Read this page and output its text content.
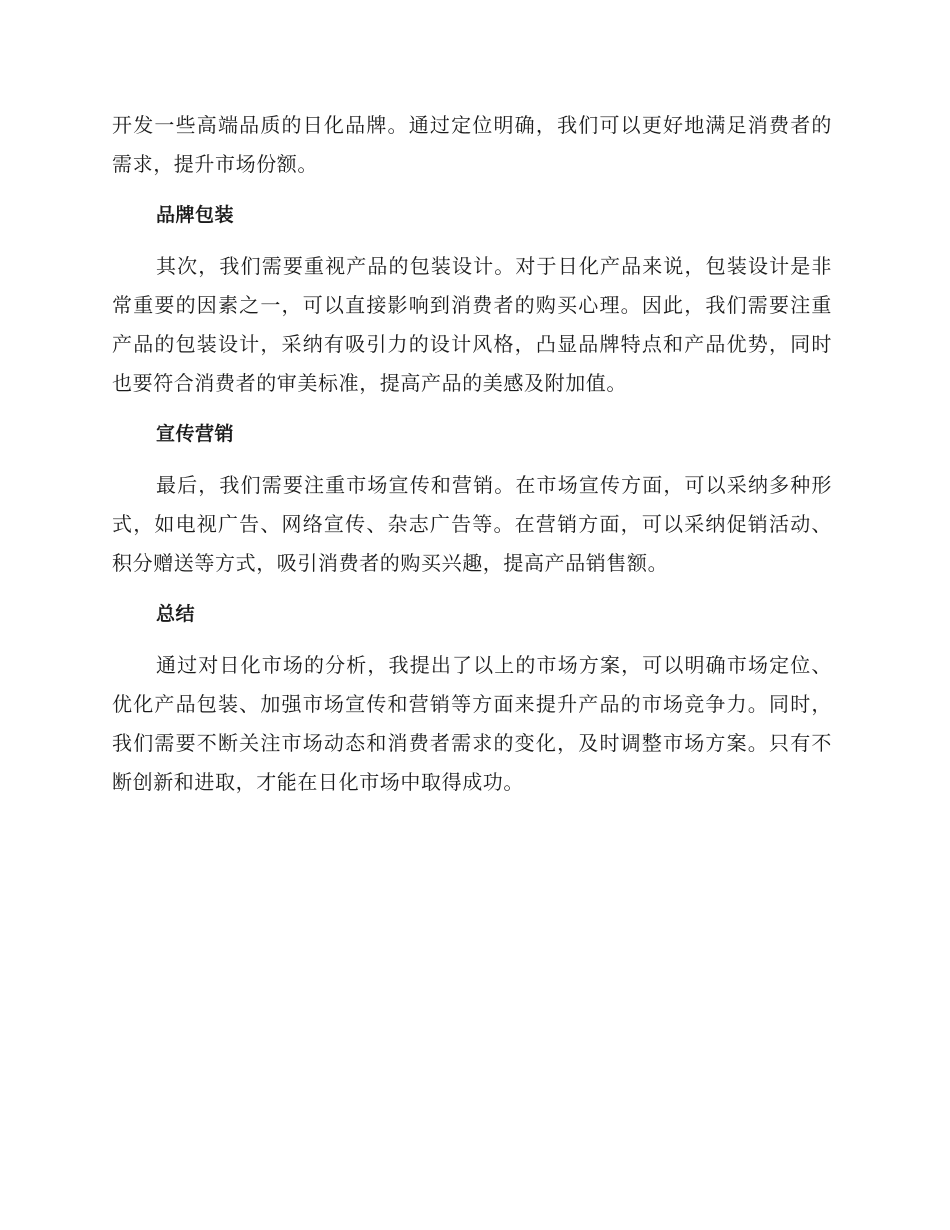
开发一些高端品质的日化品牌。通过定位明确，我们可以更好地满足消费者的需求，提升市场份额。

品牌包装

其次，我们需要重视产品的包装设计。对于日化产品来说，包装设计是非常重要的因素之一，可以直接影响到消费者的购买心理。因此，我们需要注重产品的包装设计，采纳有吸引力的设计风格，凸显品牌特点和产品优势，同时也要符合消费者的审美标准，提高产品的美感及附加值。

宣传营销

最后，我们需要注重市场宣传和营销。在市场宣传方面，可以采纳多种形式，如电视广告、网络宣传、杂志广告等。在营销方面，可以采纳促销活动、积分赠送等方式，吸引消费者的购买兴趣，提高产品销售额。

总结

通过对日化市场的分析，我提出了以上的市场方案，可以明确市场定位、优化产品包装、加强市场宣传和营销等方面来提升产品的市场竞争力。同时，我们需要不断关注市场动态和消费者需求的变化，及时调整市场方案。只有不断创新和进取，才能在日化市场中取得成功。
